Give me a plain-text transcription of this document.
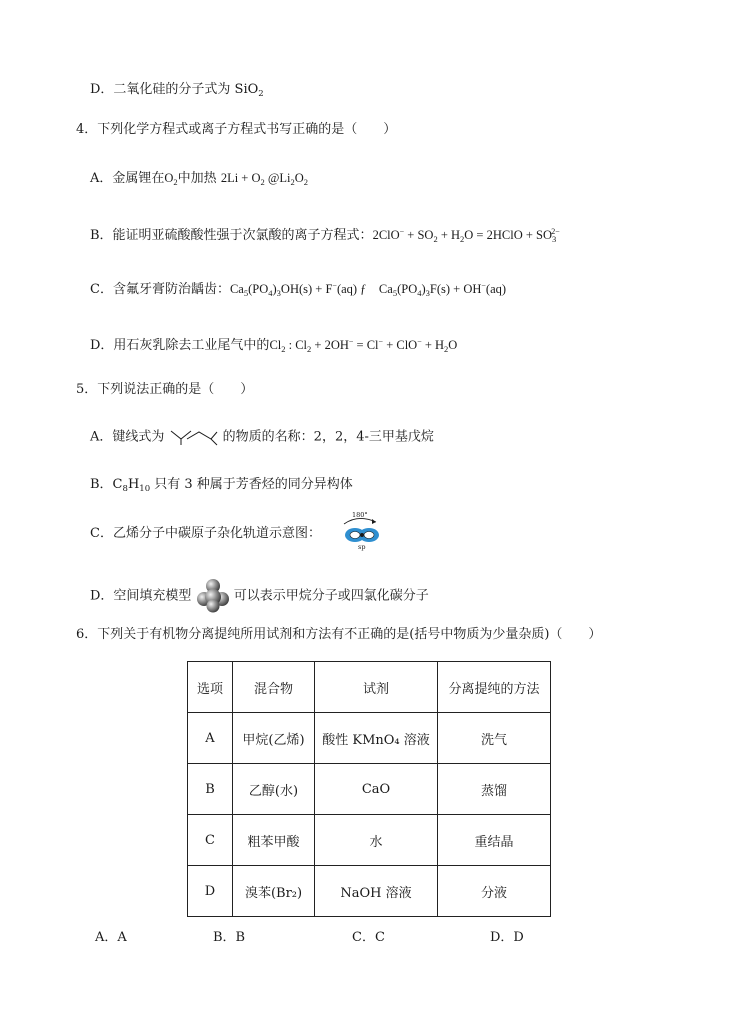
D．二氧化硅的分子式为 SiO$_2$
4．下列化学方程式或离子方程式书写正确的是（　　）
A．金属锂在$O_2$中加热 $2Li + O_2$ $@Li_2O_2$
B．能证明亚硫酸酸性强于次氯酸的离子方程式：$2ClO^- + SO_2 + H_2O$ = 2HClO + $SO_3^{2-}$
C．含氟牙膏防治龋齿：$Ca_5(PO_4)_3OH(s) + F^-(aq)$ ƒ　$Ca_5(PO_4)_3F(s) + OH^-(aq)$
D．用石灰乳除去工业尾气中的$Cl_2$ : $Cl_2 + 2OH^- = Cl^- + ClO^- + H_2O$
5．下列说法正确的是（　　）
A．键线式为	的物质的名称：2，2，4-三甲基戊烷
B．$C_8H_{10}$ 只有 3 种属于芳香烃的同分异构体
C．乙烯分子中碳原子杂化轨道示意图：
180°
sp
D．空间填充模型	可以表示甲烷分子或四氯化碳分子
6．下列关于有机物分离提纯所用试剂和方法有不正确的是(括号中物质为少量杂质)（　　）
选项	混合物	试剂	分离提纯的方法
A	甲烷(乙烯)	酸性 KMnO₄ 溶液	洗气
B	乙醇(水)	CaO	蒸馏
C	粗苯甲酸	水	重结晶
D	溴苯(Br₂)	NaOH 溶液	分液
A．A	B．B	C．C	D．D
